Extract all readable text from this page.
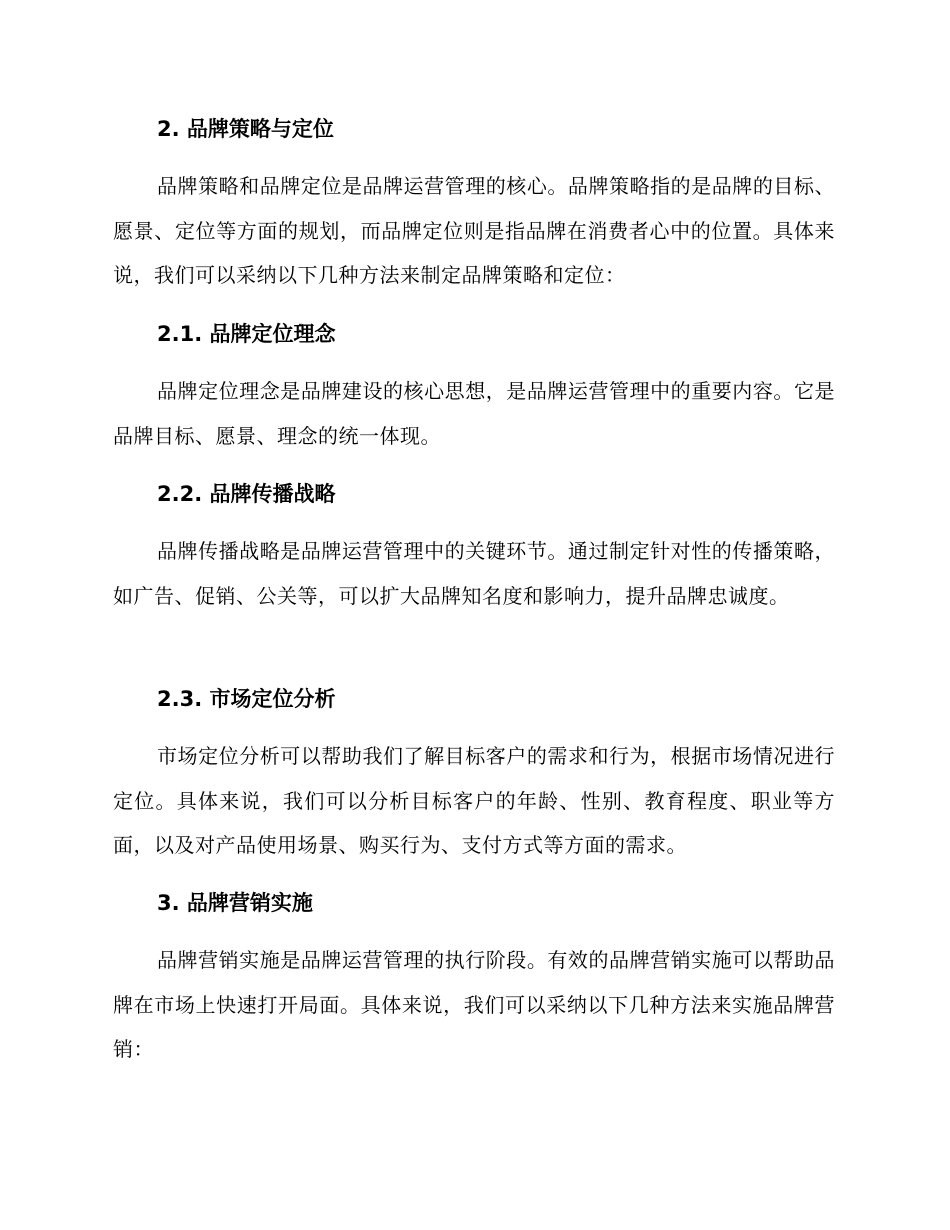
2. 品牌策略与定位
品牌策略和品牌定位是品牌运营管理的核心。品牌策略指的是品牌的目标、愿景、定位等方面的规划，而品牌定位则是指品牌在消费者心中的位置。具体来说，我们可以采纳以下几种方法来制定品牌策略和定位：
2.1. 品牌定位理念
品牌定位理念是品牌建设的核心思想，是品牌运营管理中的重要内容。它是品牌目标、愿景、理念的统一体现。
2.2. 品牌传播战略
品牌传播战略是品牌运营管理中的关键环节。通过制定针对性的传播策略，如广告、促销、公关等，可以扩大品牌知名度和影响力，提升品牌忠诚度。
2.3. 市场定位分析
市场定位分析可以帮助我们了解目标客户的需求和行为，根据市场情况进行定位。具体来说，我们可以分析目标客户的年龄、性别、教育程度、职业等方面，以及对产品使用场景、购买行为、支付方式等方面的需求。
3. 品牌营销实施
品牌营销实施是品牌运营管理的执行阶段。有效的品牌营销实施可以帮助品牌在市场上快速打开局面。具体来说，我们可以采纳以下几种方法来实施品牌营销：
